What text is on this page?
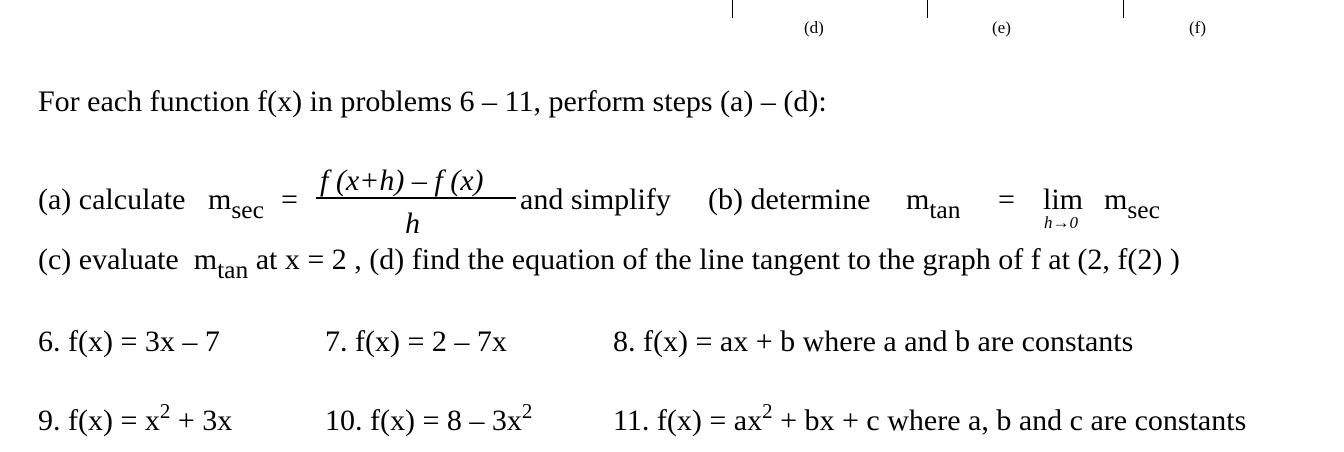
(d)	(e)	(f)
For each function f(x) in problems 6 – 11, perform steps (a) – (d):
(a) calculate $m_{sec}$ =
f (x+h) – f (x)
h
and simplify (b) determine $m_{tan} = \lim$
h→0
$m_{sec}$
(c) evaluate $m_{tan}$ at x = 2 , (d) find the equation of the line tangent to the graph of f at (2, f(2) )
6. f(x) = 3x – 7	7. f(x) = 2 – 7x	8. f(x) = ax + b where a and b are constants
9. $f(x) = x^2 + 3x$	10. $f(x) = 8 - 3x^2$	11. $f(x) = ax^2$ + bx + c where a, b and c are constants
